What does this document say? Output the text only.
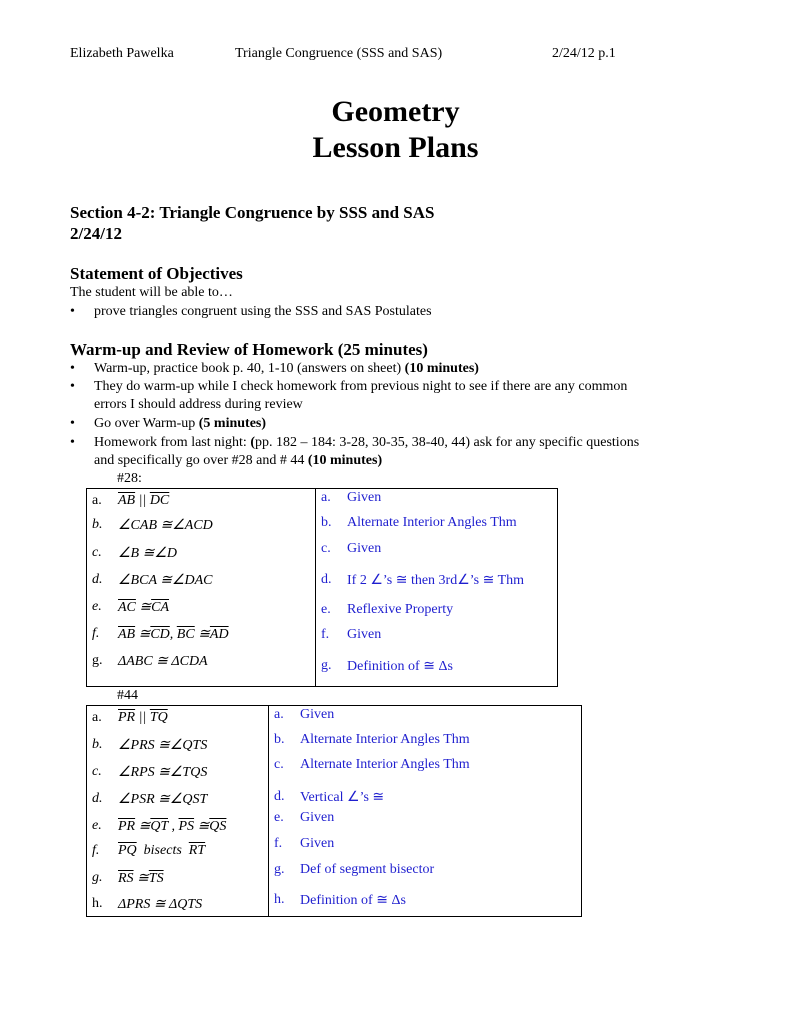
Elizabeth Pawelka	Triangle Congruence (SSS and SAS)	2/24/12 p.1
Geometry
Lesson Plans
Section 4-2: Triangle Congruence by SSS and SAS
2/24/12
Statement of Objectives
The student will be able to…
• prove triangles congruent using the SSS and SAS Postulates
Warm-up and Review of Homework (25 minutes)
• Warm-up, practice book p. 40, 1-10 (answers on sheet) (10 minutes)
• They do warm-up while I check homework from previous night to see if there are any common
errors I should address during review
• Go over Warm-up (5 minutes)
• Homework from last night: (pp. 182 – 184: 3-28, 30-35, 38-40, 44) ask for any specific questions
and specifically go over #28 and # 44 (10 minutes)
#28:
a. $\overline{AB}$ || $\overline{DC}$
b. ∠CAB ≅∠ACD
c. ∠B ≅∠D
d. ∠BCA ≅∠DAC
e. $\overline{AC}$ $≅\overline{CA}$
f. $\overline{AB}$ $≅\overline{CD}$, $\overline{BC}$ $≅\overline{AD}$
g. ΔABC ≅ ΔCDA
a. Given
b. Alternate Interior Angles Thm
c. Given
d. If 2 ∠’s ≅ then 3rd∠’s ≅ Thm
e. Reflexive Property
f. Given
g. Definition of ≅ Δs
#44
a. $\overline{PR}$ || $\overline{TQ}$
b. ∠PRS ≅∠QTS
c. ∠RPS ≅∠TQS
d. ∠PSR ≅∠QST
e. $\overline{PR}$ $≅\overline{QT}$ , $\overline{PS}$ $≅\overline{QS}$
f. $\overline{PQ}$  bisects  $\overline{RT}$
g. $\overline{RS}$ $≅\overline{TS}$
h. ΔPRS ≅ ΔQTS
a. Given
b. Alternate Interior Angles Thm
c. Alternate Interior Angles Thm
d. Vertical ∠’s ≅
e. Given
f. Given
g. Def of segment bisector
h. Definition of ≅ Δs
